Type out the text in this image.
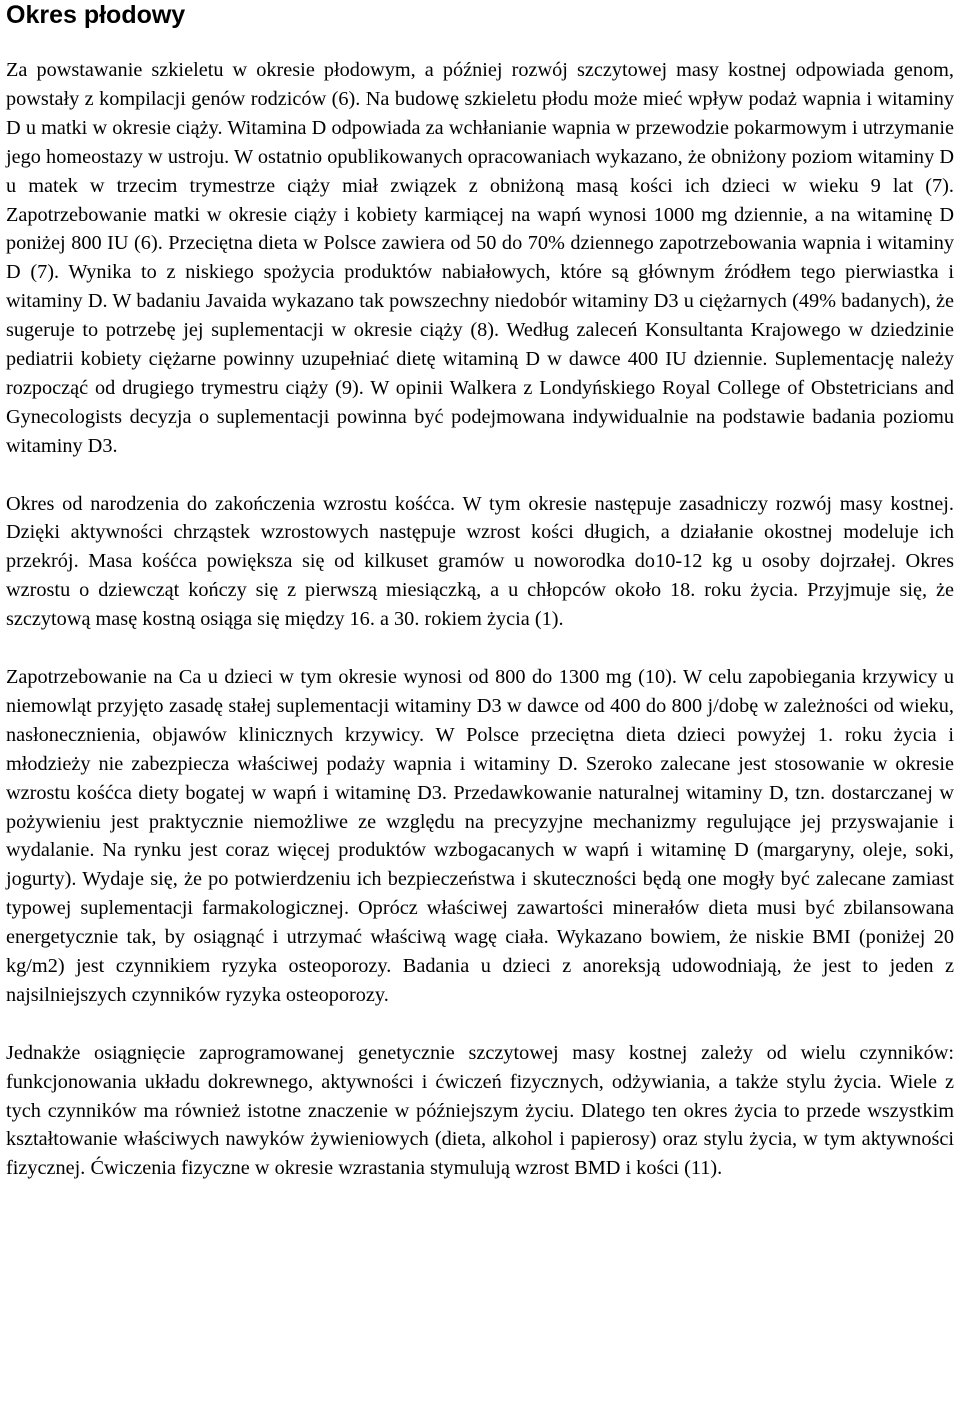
Okres płodowy

Za powstawanie szkieletu w okresie płodowym, a później rozwój szczytowej masy kostnej odpowiada genom, powstały z kompilacji genów rodziców (6). Na budowę szkieletu płodu może mieć wpływ podaż wapnia i witaminy D u matki w okresie ciąży. Witamina D odpowiada za wchłanianie wapnia w przewodzie pokarmowym i utrzymanie jego homeostazy w ustroju. W ostatnio opublikowanych opracowaniach wykazano, że obniżony poziom witaminy D u matek w trzecim trymestrze ciąży miał związek z obniżoną masą kości ich dzieci w wieku 9 lat (7). Zapotrzebowanie matki w okresie ciąży i kobiety karmiącej na wapń wynosi 1000 mg dziennie, a na witaminę D poniżej 800 IU (6). Przeciętna dieta w Polsce zawiera od 50 do 70% dziennego zapotrzebowania wapnia i witaminy D (7). Wynika to z niskiego spożycia produktów nabiałowych, które są głównym źródłem tego pierwiastka i witaminy D. W badaniu Javaida wykazano tak powszechny niedobór witaminy D3 u ciężarnych (49% badanych), że sugeruje to potrzebę jej suplementacji w okresie ciąży (8). Według zaleceń Konsultanta Krajowego w dziedzinie pediatrii kobiety ciężarne powinny uzupełniać dietę witaminą D w dawce 400 IU dziennie. Suplementację należy rozpocząć od drugiego trymestru ciąży (9). W opinii Walkera z Londyńskiego Royal College of Obstetricians and Gynecologists decyzja o suplementacji powinna być podejmowana indywidualnie na podstawie badania poziomu witaminy D3.

Okres od narodzenia do zakończenia wzrostu kośćca. W tym okresie następuje zasadniczy rozwój masy kostnej. Dzięki aktywności chrząstek wzrostowych następuje wzrost kości długich, a działanie okostnej modeluje ich przekrój. Masa kośćca powiększa się od kilkuset gramów u noworodka do10-12 kg u osoby dojrzałej. Okres wzrostu o dziewcząt kończy się z pierwszą miesiączką, a u chłopców około 18. roku życia. Przyjmuje się, że szczytową masę kostną osiąga się między 16. a 30. rokiem życia (1).

Zapotrzebowanie na Ca u dzieci w tym okresie wynosi od 800 do 1300 mg (10). W celu zapobiegania krzywicy u niemowląt przyjęto zasadę stałej suplementacji witaminy D3 w dawce od 400 do 800 j/dobę w zależności od wieku, nasłonecznienia, objawów klinicznych krzywicy. W Polsce przeciętna dieta dzieci powyżej 1. roku życia i młodzieży nie zabezpiecza właściwej podaży wapnia i witaminy D. Szeroko zalecane jest stosowanie w okresie wzrostu kośćca diety bogatej w wapń i witaminę D3. Przedawkowanie naturalnej witaminy D, tzn. dostarczanej w pożywieniu jest praktycznie niemożliwe ze względu na precyzyjne mechanizmy regulujące jej przyswajanie i wydalanie. Na rynku jest coraz więcej produktów wzbogacanych w wapń i witaminę D (margaryny, oleje, soki, jogurty). Wydaje się, że po potwierdzeniu ich bezpieczeństwa i skuteczności będą one mogły być zalecane zamiast typowej suplementacji farmakologicznej. Oprócz właściwej zawartości minerałów dieta musi być zbilansowana energetycznie tak, by osiągnąć i utrzymać właściwą wagę ciała. Wykazano bowiem, że niskie BMI (poniżej 20 kg/m2) jest czynnikiem ryzyka osteoporozy. Badania u dzieci z anoreksją udowodniają, że jest to jeden z najsilniejszych czynników ryzyka osteoporozy.

Jednakże osiągnięcie zaprogramowanej genetycznie szczytowej masy kostnej zależy od wielu czynników: funkcjonowania układu dokrewnego, aktywności i ćwiczeń fizycznych, odżywiania, a także stylu życia. Wiele z tych czynników ma również istotne znaczenie w późniejszym życiu. Dlatego ten okres życia to przede wszystkim kształtowanie właściwych nawyków żywieniowych (dieta, alkohol i papierosy) oraz stylu życia, w tym aktywności fizycznej. Ćwiczenia fizyczne w okresie wzrastania stymulują wzrost BMD i kości (11).
